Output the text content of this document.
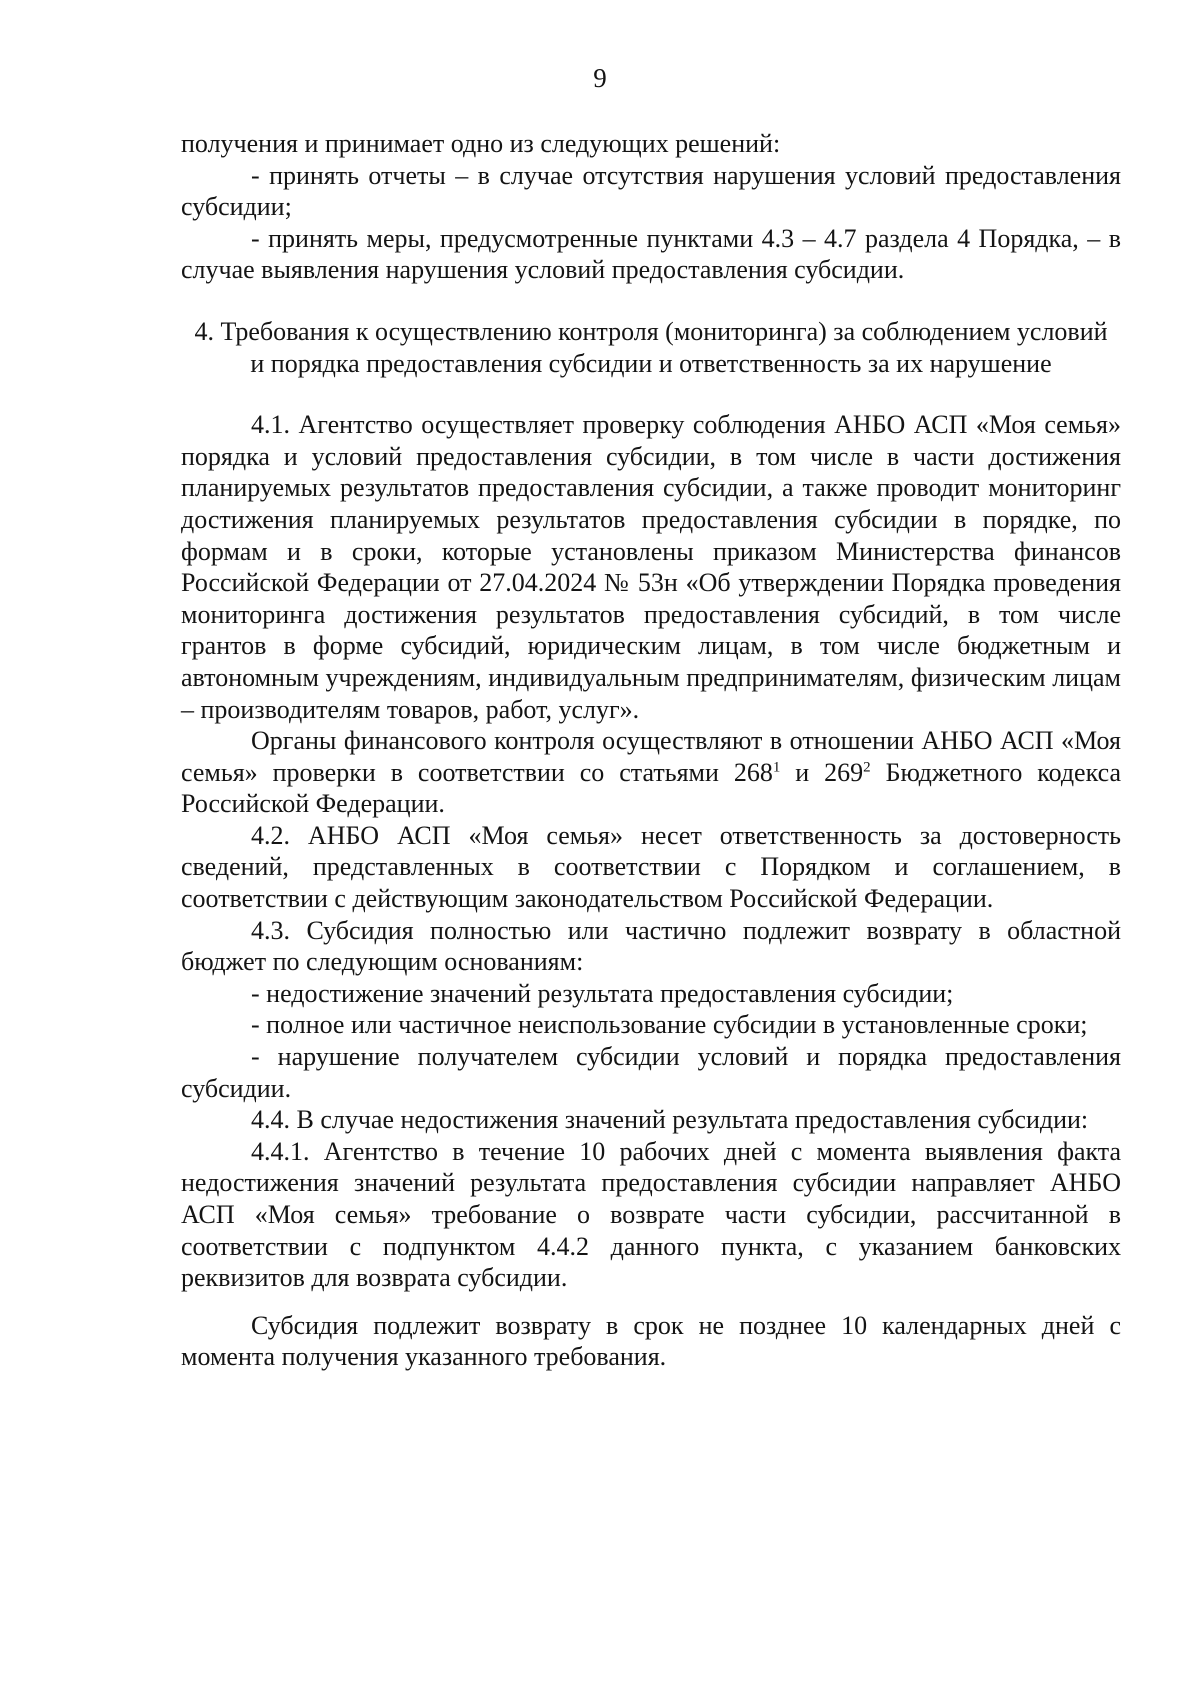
9

получения и принимает одно из следующих решений:

- принять отчеты – в случае отсутствия нарушения условий предоставления субсидии;

- принять меры, предусмотренные пунктами 4.3 – 4.7 раздела 4 Порядка, – в случае выявления нарушения условий предоставления субсидии.

4. Требования к осуществлению контроля (мониторинга) за соблюдением условий и порядка предоставления субсидии и ответственность за их нарушение

4.1. Агентство осуществляет проверку соблюдения АНБО АСП «Моя семья» порядка и условий предоставления субсидии, в том числе в части достижения планируемых результатов предоставления субсидии, а также проводит мониторинг достижения планируемых результатов предоставления субсидии в порядке, по формам и в сроки, которые установлены приказом Министерства финансов Российской Федерации от 27.04.2024 № 53н «Об утверждении Порядка проведения мониторинга достижения результатов предоставления субсидий, в том числе грантов в форме субсидий, юридическим лицам, в том числе бюджетным и автономным учреждениям, индивидуальным предпринимателям, физическим лицам – производителям товаров, работ, услуг».

Органы финансового контроля осуществляют в отношении АНБО АСП «Моя семья» проверки в соответствии со статьями $268^1$ и $269^2$ Бюджетного кодекса Российской Федерации.

4.2. АНБО АСП «Моя семья» несет ответственность за достоверность сведений, представленных в соответствии с Порядком и соглашением, в соответствии с действующим законодательством Российской Федерации.

4.3. Субсидия полностью или частично подлежит возврату в областной бюджет по следующим основаниям:

- недостижение значений результата предоставления субсидии;

- полное или частичное неиспользование субсидии в установленные сроки;

- нарушение получателем субсидии условий и порядка предоставления субсидии.

4.4. В случае недостижения значений результата предоставления субсидии:

4.4.1. Агентство в течение 10 рабочих дней с момента выявления факта недостижения значений результата предоставления субсидии направляет АНБО АСП «Моя семья» требование о возврате части субсидии, рассчитанной в соответствии с подпунктом 4.4.2 данного пункта, с указанием банковских реквизитов для возврата субсидии.

Субсидия подлежит возврату в срок не позднее 10 календарных дней с момента получения указанного требования.
